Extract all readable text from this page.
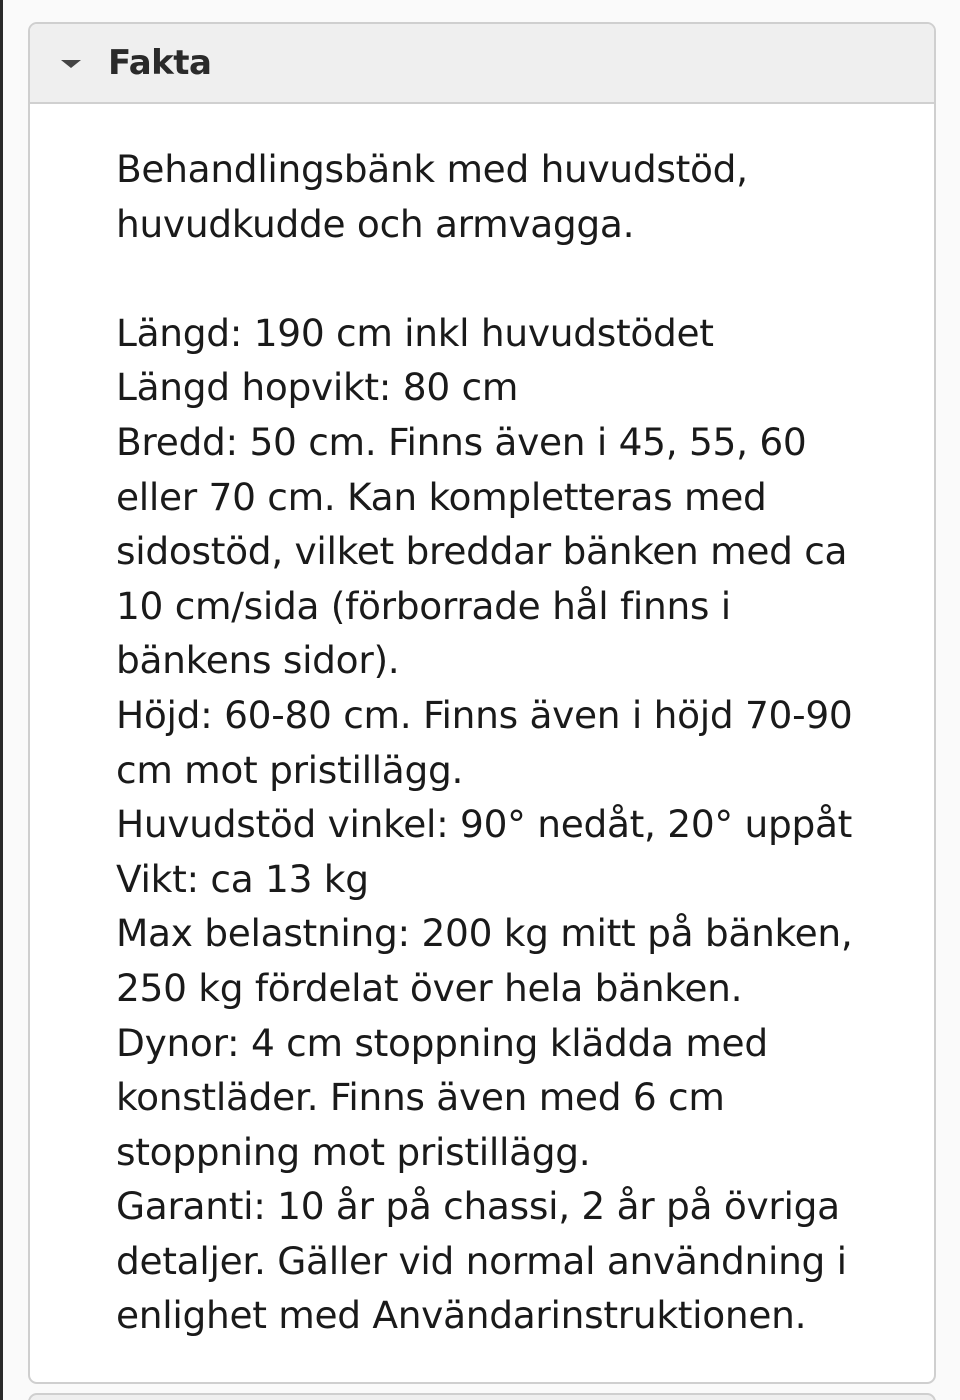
Fakta

Behandlingsbänk med huvudstöd,
huvudkudde och armvagga.

Längd: 190 cm inkl huvudstödet
Längd hopvikt: 80 cm
Bredd: 50 cm. Finns även i 45, 55, 60
eller 70 cm. Kan kompletteras med
sidostöd, vilket breddar bänken med ca
10 cm/sida (förborrade hål finns i
bänkens sidor).
Höjd: 60-80 cm. Finns även i höjd 70-90
cm mot pristillägg.
Huvudstöd vinkel: 90° nedåt, 20° uppåt
Vikt: ca 13 kg
Max belastning: 200 kg mitt på bänken,
250 kg fördelat över hela bänken.
Dynor: 4 cm stoppning klädda med
konstläder. Finns även med 6 cm
stoppning mot pristillägg.
Garanti: 10 år på chassi, 2 år på övriga
detaljer. Gäller vid normal användning i
enlighet med Användarinstruktionen.
